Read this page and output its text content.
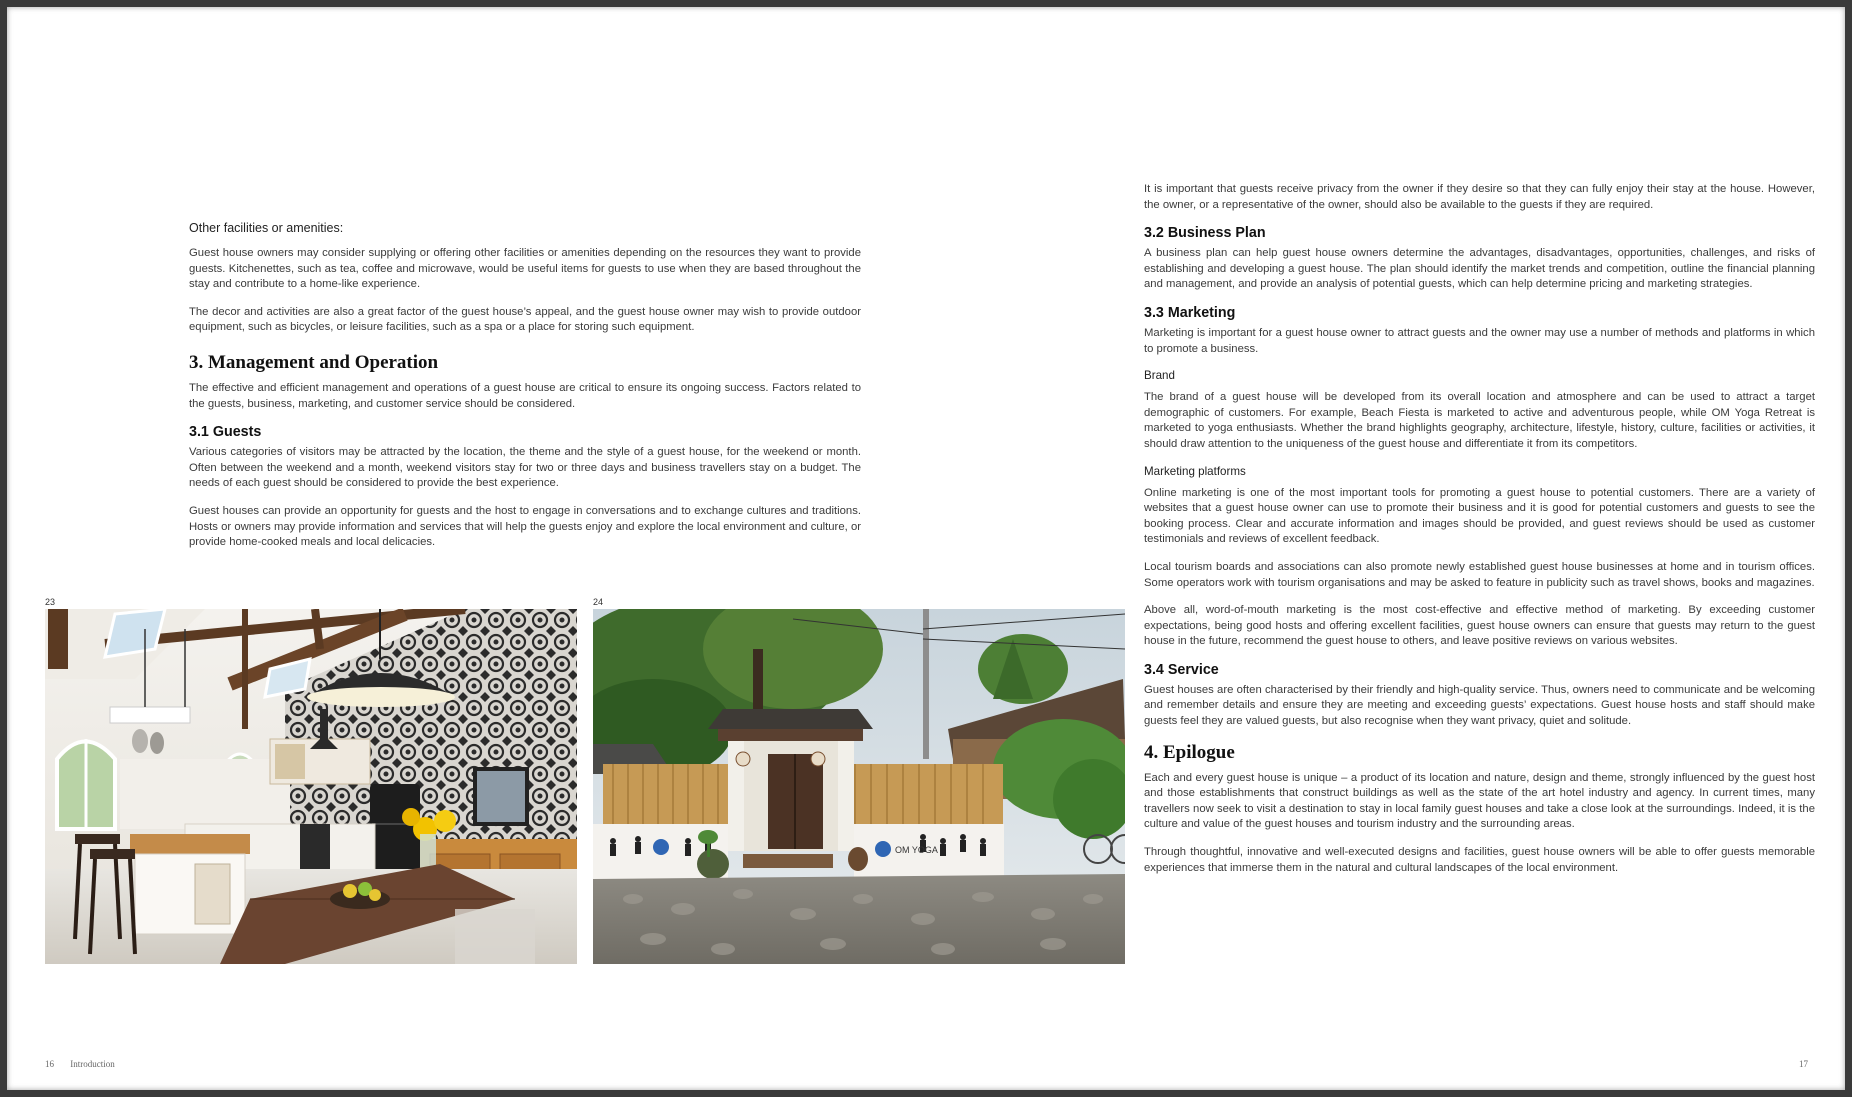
Other facilities or amenities:

Guest house owners may consider supplying or offering other facilities or amenities depending on the resources they want to provide guests. Kitchenettes, such as tea, coffee and microwave, would be useful items for guests to use when they are based throughout the stay and contribute to a home-like experience.

The decor and activities are also a great factor of the guest house’s appeal, and the guest house owner may wish to provide outdoor equipment, such as bicycles, or leisure facilities, such as a spa or a place for storing such equipment.

3. Management and Operation

The effective and efficient management and operations of a guest house are critical to ensure its ongoing success. Factors related to the guests, business, marketing, and customer service should be considered.

3.1 Guests

Various categories of visitors may be attracted by the location, the theme and the style of a guest house, for the weekend or month. Often between the weekend and a month, weekend visitors stay for two or three days and business travellers stay on a budget. The needs of each guest should be considered to provide the best experience.

Guest houses can provide an opportunity for guests and the host to engage in conversations and to exchange cultures and traditions. Hosts or owners may provide information and services that will help the guests enjoy and explore the local environment and culture, or provide home-cooked meals and local delicacies.

23	24
OM YOGA

It is important that guests receive privacy from the owner if they desire so that they can fully enjoy their stay at the house. However, the owner, or a representative of the owner, should also be available to the guests if they are required.

3.2 Business Plan

A business plan can help guest house owners determine the advantages, disadvantages, opportunities, challenges, and risks of establishing and developing a guest house. The plan should identify the market trends and competition, outline the financial planning and management, and provide an analysis of potential guests, which can help determine pricing and marketing strategies.

3.3 Marketing

Marketing is important for a guest house owner to attract guests and the owner may use a number of methods and platforms in which to promote a business.

Brand

The brand of a guest house will be developed from its overall location and atmosphere and can be used to attract a target demographic of customers. For example, Beach Fiesta is marketed to active and adventurous people, while OM Yoga Retreat is marketed to yoga enthusiasts. Whether the brand highlights geography, architecture, lifestyle, history, culture, facilities or activities, it should draw attention to the uniqueness of the guest house and differentiate it from its competitors.

Marketing platforms

Online marketing is one of the most important tools for promoting a guest house to potential customers. There are a variety of websites that a guest house owner can use to promote their business and it is good for potential customers and guests to see the booking process. Clear and accurate information and images should be provided, and guest reviews should be used as customer testimonials and reviews of excellent feedback.

Local tourism boards and associations can also promote newly established guest house businesses at home and in tourism offices. Some operators work with tourism organisations and may be asked to feature in publicity such as travel shows, books and magazines.

Above all, word-of-mouth marketing is the most cost-effective and effective method of marketing. By exceeding customer expectations, being good hosts and offering excellent facilities, guest house owners can ensure that guests may return to the guest house in the future, recommend the guest house to others, and leave positive reviews on various websites.

3.4 Service

Guest houses are often characterised by their friendly and high-quality service. Thus, owners need to communicate and be welcoming and remember details and ensure they are meeting and exceeding guests’ expectations. Guest house hosts and staff should make guests feel they are valued guests, but also recognise when they want privacy, quiet and solitude.

4. Epilogue

Each and every guest house is unique – a product of its location and nature, design and theme, strongly influenced by the guest host and those establishments that construct buildings as well as the state of the art hotel industry and agency. In current times, many travellers now seek to visit a destination to stay in local family guest houses and take a close look at the surroundings. Indeed, it is the culture and value of the guest houses and tourism industry and the surrounding areas.

Through thoughtful, innovative and well-executed designs and facilities, guest house owners will be able to offer guests memorable experiences that immerse them in the natural and cultural landscapes of the local environment.

16 Introduction	17
